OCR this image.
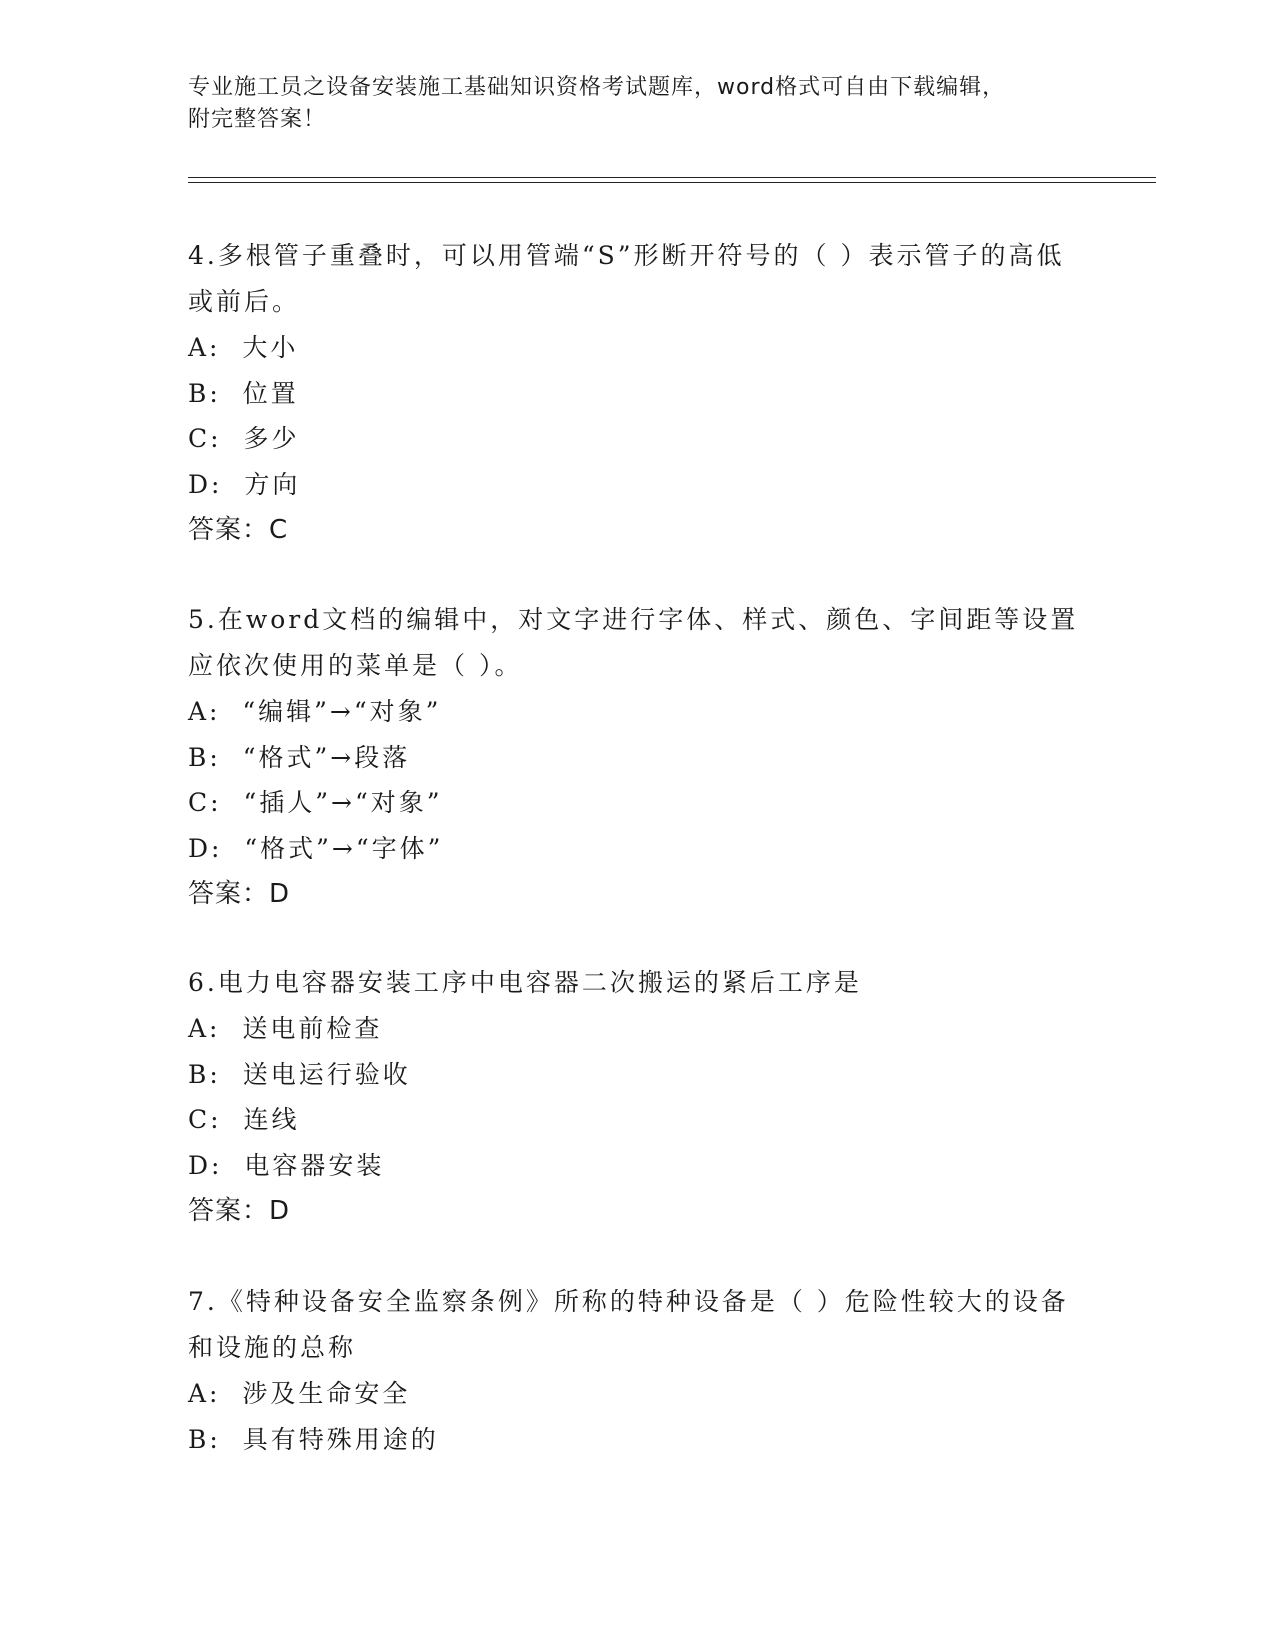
专业施工员之设备安装施工基础知识资格考试题库，word格式可自由下载编辑，
附完整答案！

4.多根管子重叠时，可以用管端“S”形断开符号的（ ）表示管子的高低或前后。

A:  大小

B:  位置

C:  多少

D:  方向

答案：C

5.在word文档的编辑中，对文字进行字体、样式、颜色、字间距等设置应依次使用的菜单是（ ）。

A:  “编辑”→“对象”

B:  “格式”→段落

C:  “插人”→“对象”

D:  “格式”→“字体”

答案：D

6.电力电容器安装工序中电容器二次搬运的紧后工序是

A:  送电前检查

B:  送电运行验收

C:  连线

D:  电容器安装

答案：D

7.《特种设备安全监察条例》所称的特种设备是（ ）危险性较大的设备和设施的总称

A:  涉及生命安全

B:  具有特殊用途的
